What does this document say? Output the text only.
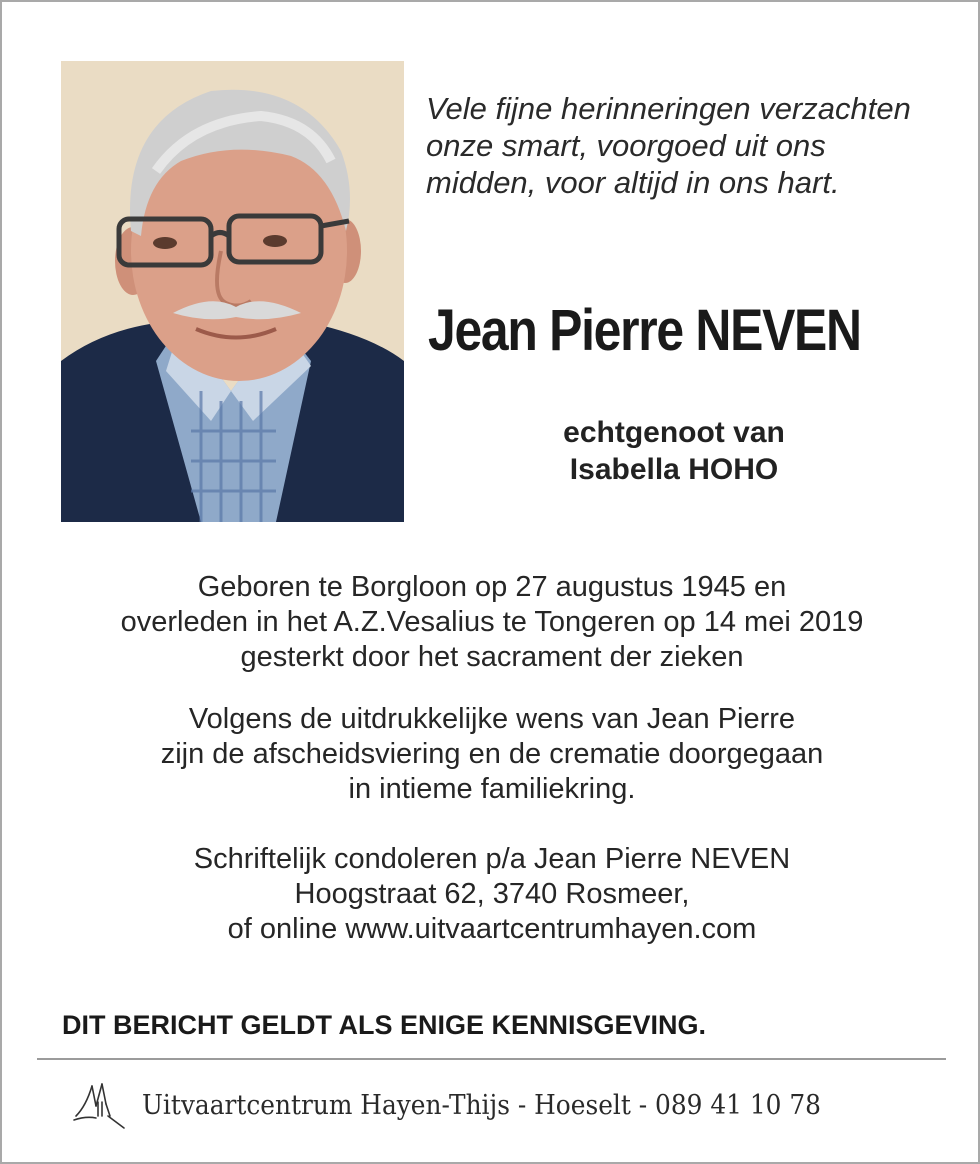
Vele fijne herinneringen verzachten
onze smart, voorgoed uit ons
midden, voor altijd in ons hart.
Jean Pierre NEVEN
echtgenoot van
Isabella HOHO
Geboren te Borgloon op 27 augustus 1945 en
overleden in het A.Z.Vesalius te Tongeren op 14 mei 2019
gesterkt door het sacrament der zieken
Volgens de uitdrukkelijke wens van Jean Pierre
zijn de afscheidsviering en de crematie doorgegaan
in intieme familiekring.
Schriftelijk condoleren p/a Jean Pierre NEVEN
Hoogstraat 62, 3740 Rosmeer,
of online www.uitvaartcentrumhayen.com
DIT BERICHT GELDT ALS ENIGE KENNISGEVING.
Uitvaartcentrum Hayen-Thijs - Hoeselt - 089 41 10 78
